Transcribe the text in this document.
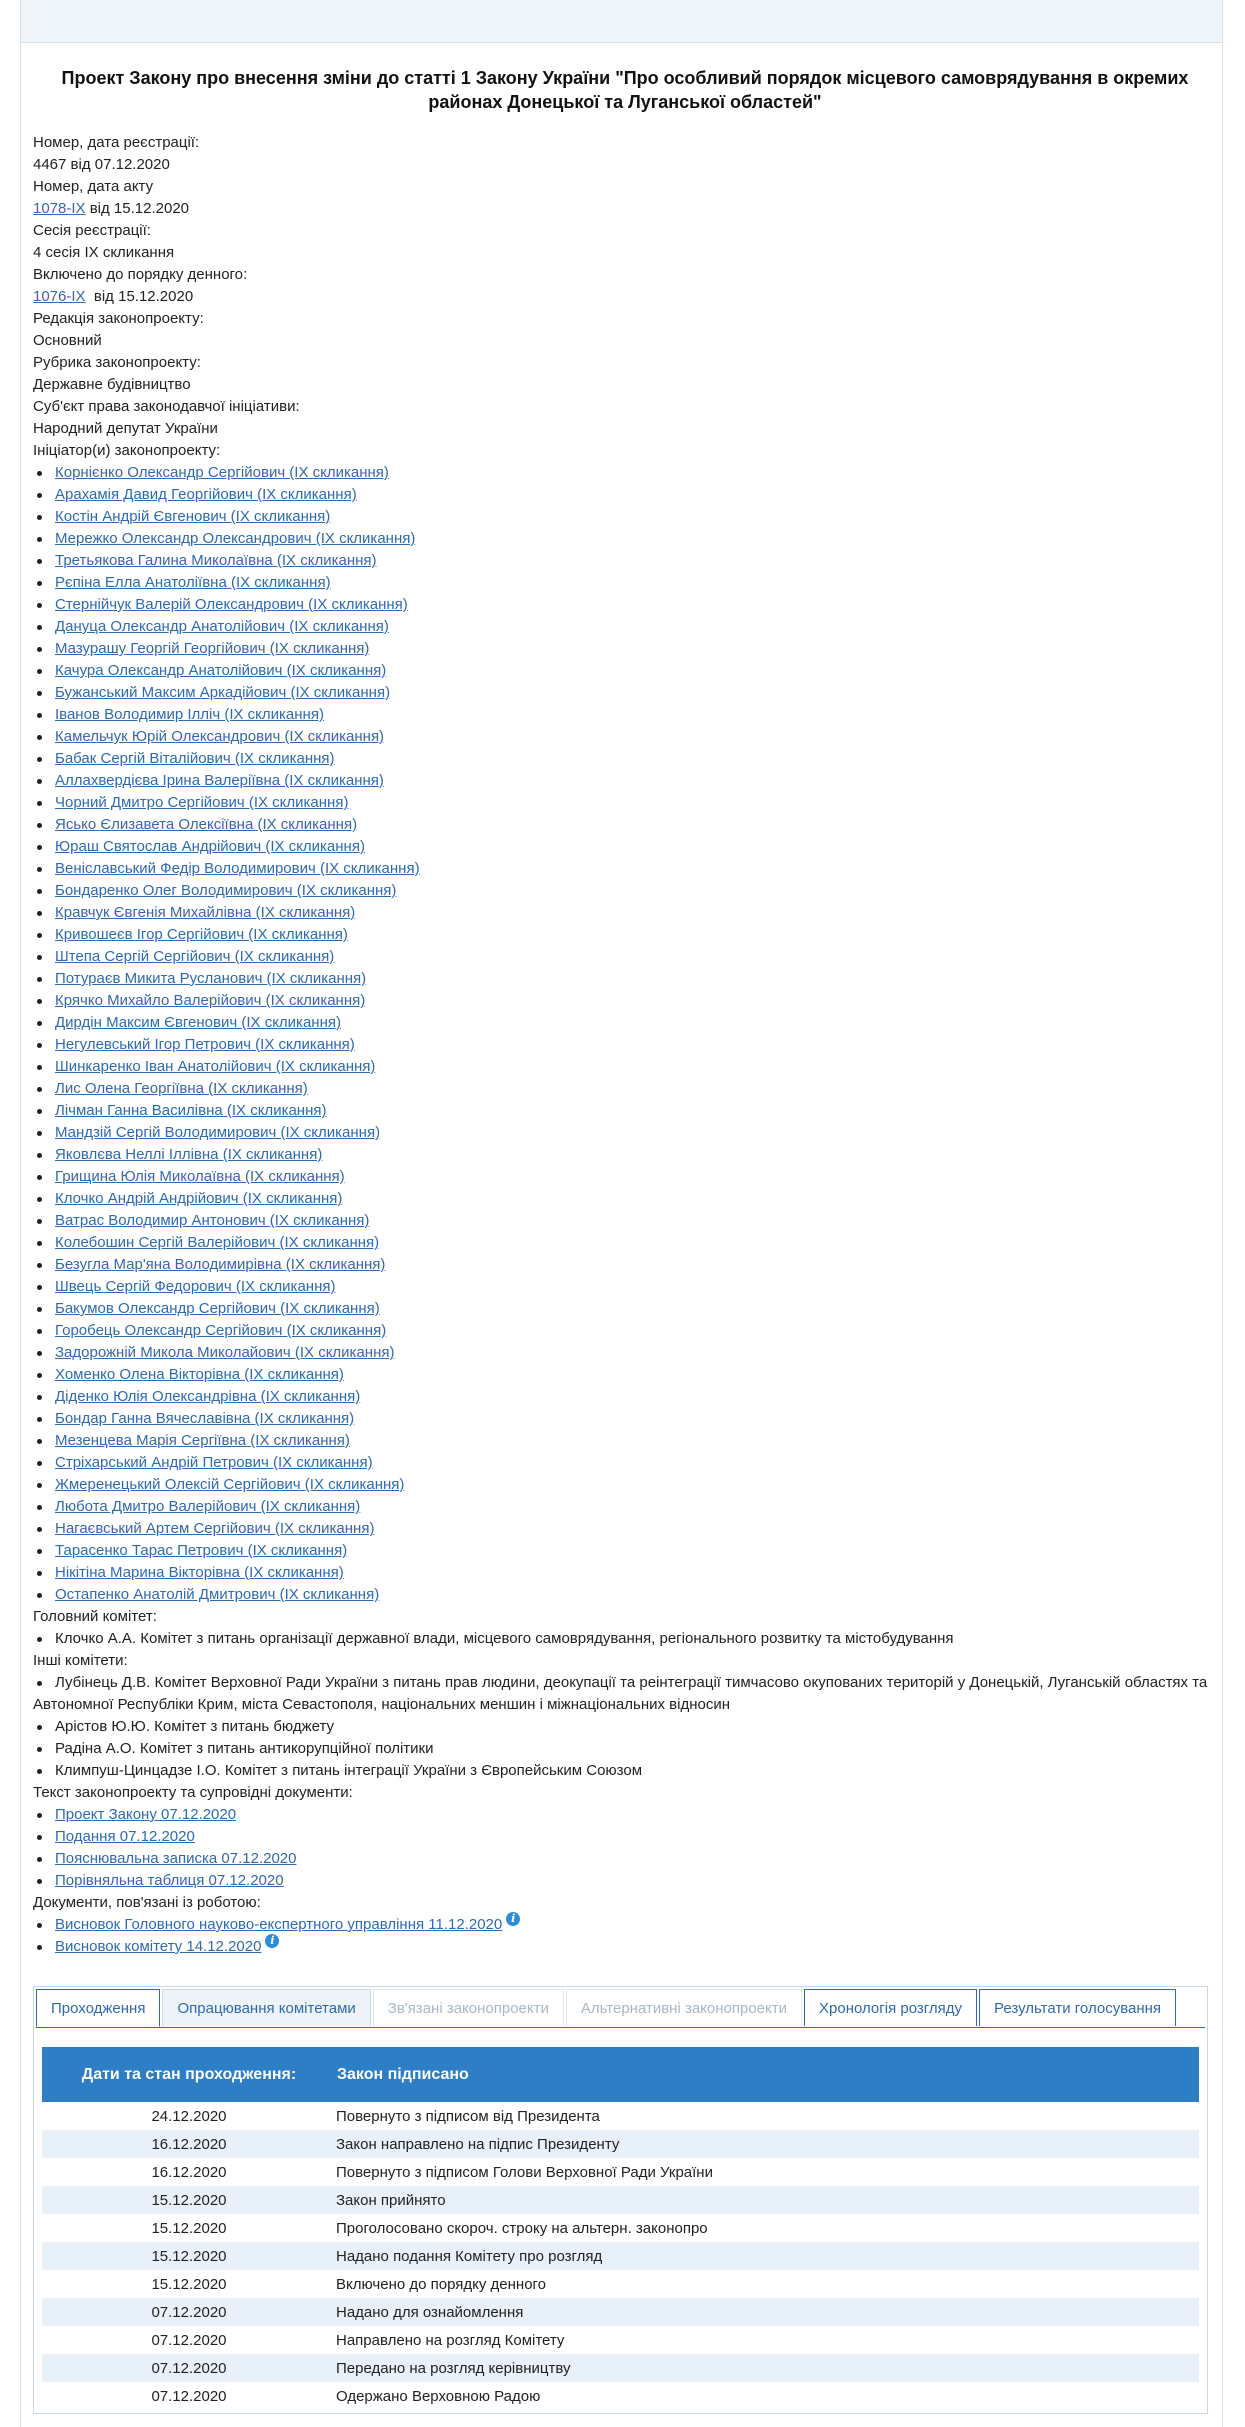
Проект Закону про внесення зміни до статті 1 Закону України "Про особливий порядок місцевого самоврядування в окремих районах Донецької та Луганської областей"
Номер, дата реєстрації:
4467 від 07.12.2020
Номер, дата акту
1078-IX від 15.12.2020
Сесія реєстрації:
4 сесія IX скликання
Включено до порядку денного:
1076-IX  від 15.12.2020
Редакція законопроекту:
Основний
Рубрика законопроекту:
Державне будівництво
Суб'єкт права законодавчої ініціативи:
Народний депутат України
Ініціатор(и) законопроекту:
Корнієнко Олександр Сергійович (IX скликання)
Арахамія Давид Георгійович (IX скликання)
Костін Андрій Євгенович (IX скликання)
Мережко Олександр Олександрович (IX скликання)
Третьякова Галина Миколаївна (IX скликання)
Рєпіна Елла Анатоліївна (IX скликання)
Стернійчук Валерій Олександрович (IX скликання)
Дануца Олександр Анатолійович (IX скликання)
Мазурашу Георгій Георгійович (IX скликання)
Качура Олександр Анатолійович (IX скликання)
Бужанський Максим Аркадійович (IX скликання)
Іванов Володимир Ілліч (IX скликання)
Камельчук Юрій Олександрович (IX скликання)
Бабак Сергій Віталійович (IX скликання)
Аллахвердієва Ірина Валеріївна (IX скликання)
Чорний Дмитро Сергійович (IX скликання)
Ясько Єлизавета Олексіївна (IX скликання)
Юраш Святослав Андрійович (IX скликання)
Веніславський Федір Володимирович (IX скликання)
Бондаренко Олег Володимирович (IX скликання)
Кравчук Євгенія Михайлівна (IX скликання)
Кривошеєв Ігор Сергійович (IX скликання)
Штепа Сергій Сергійович (IX скликання)
Потураєв Микита Русланович (IX скликання)
Крячко Михайло Валерійович (IX скликання)
Дирдін Максим Євгенович (IX скликання)
Негулевський Ігор Петрович (IX скликання)
Шинкаренко Іван Анатолійович (IX скликання)
Лис Олена Георгіївна (IX скликання)
Лічман Ганна Василівна (IX скликання)
Мандзій Сергій Володимирович (IX скликання)
Яковлєва Неллі Іллівна (IX скликання)
Грищина Юлія Миколаївна (IX скликання)
Клочко Андрій Андрійович (IX скликання)
Ватрас Володимир Антонович (IX скликання)
Колебошин Сергій Валерійович (IX скликання)
Безугла Мар'яна Володимирівна (IX скликання)
Швець Сергій Федорович (IX скликання)
Бакумов Олександр Сергійович (IX скликання)
Горобець Олександр Сергійович (IX скликання)
Задорожній Микола Миколайович (IX скликання)
Хоменко Олена Вікторівна (IX скликання)
Діденко Юлія Олександрівна (IX скликання)
Бондар Ганна Вячеславівна (IX скликання)
Мезенцева Марія Сергіївна (IX скликання)
Стріхарський Андрій Петрович (IX скликання)
Жмеренецький Олексій Сергійович (IX скликання)
Любота Дмитро Валерійович (IX скликання)
Нагаєвський Артем Сергійович (IX скликання)
Тарасенко Тарас Петрович (IX скликання)
Нікітіна Марина Вікторівна (IX скликання)
Остапенко Анатолій Дмитрович (IX скликання)
Головний комітет:
Клочко А.А. Комітет з питань організації державної влади, місцевого самоврядування, регіонального розвитку та містобудування
Інші комітети:
Лубінець Д.В. Комітет Верховної Ради України з питань прав людини, деокупації та реінтеграції тимчасово окупованих територій у Донецькій, Луганській областях та Автономної Республіки Крим, міста Севастополя, національних меншин і міжнаціональних відносин
Арістов Ю.Ю. Комітет з питань бюджету
Радіна А.О. Комітет з питань антикорупційної політики
Климпуш-Цинцадзе І.О. Комітет з питань інтеграції України з Європейським Союзом
Текст законопроекту та супровідні документи:
Проект Закону 07.12.2020
Подання 07.12.2020
Пояснювальна записка 07.12.2020
Порівняльна таблиця 07.12.2020
Документи, пов'язані із роботою:
Висновок Головного науково-експертного управління 11.12.2020 i
Висновок комітету 14.12.2020 i
Проходження	Опрацювання комітетами	Зв'язані законопроекти	Альтернативні законопроекти	Хронологія розгляду	Результати голосування
Дати та стан проходження:	Закон підписано
24.12.2020	Повернуто з підписом від Президента
16.12.2020	Закон направлено на підпис Президенту
16.12.2020	Повернуто з підписом Голови Верховної Ради України
15.12.2020	Закон прийнято
15.12.2020	Проголосовано скороч. строку на альтерн. законопро
15.12.2020	Надано подання Комітету про розгляд
15.12.2020	Включено до порядку денного
07.12.2020	Надано для ознайомлення
07.12.2020	Направлено на розгляд Комітету
07.12.2020	Передано на розгляд керівництву
07.12.2020	Одержано Верховною Радою
